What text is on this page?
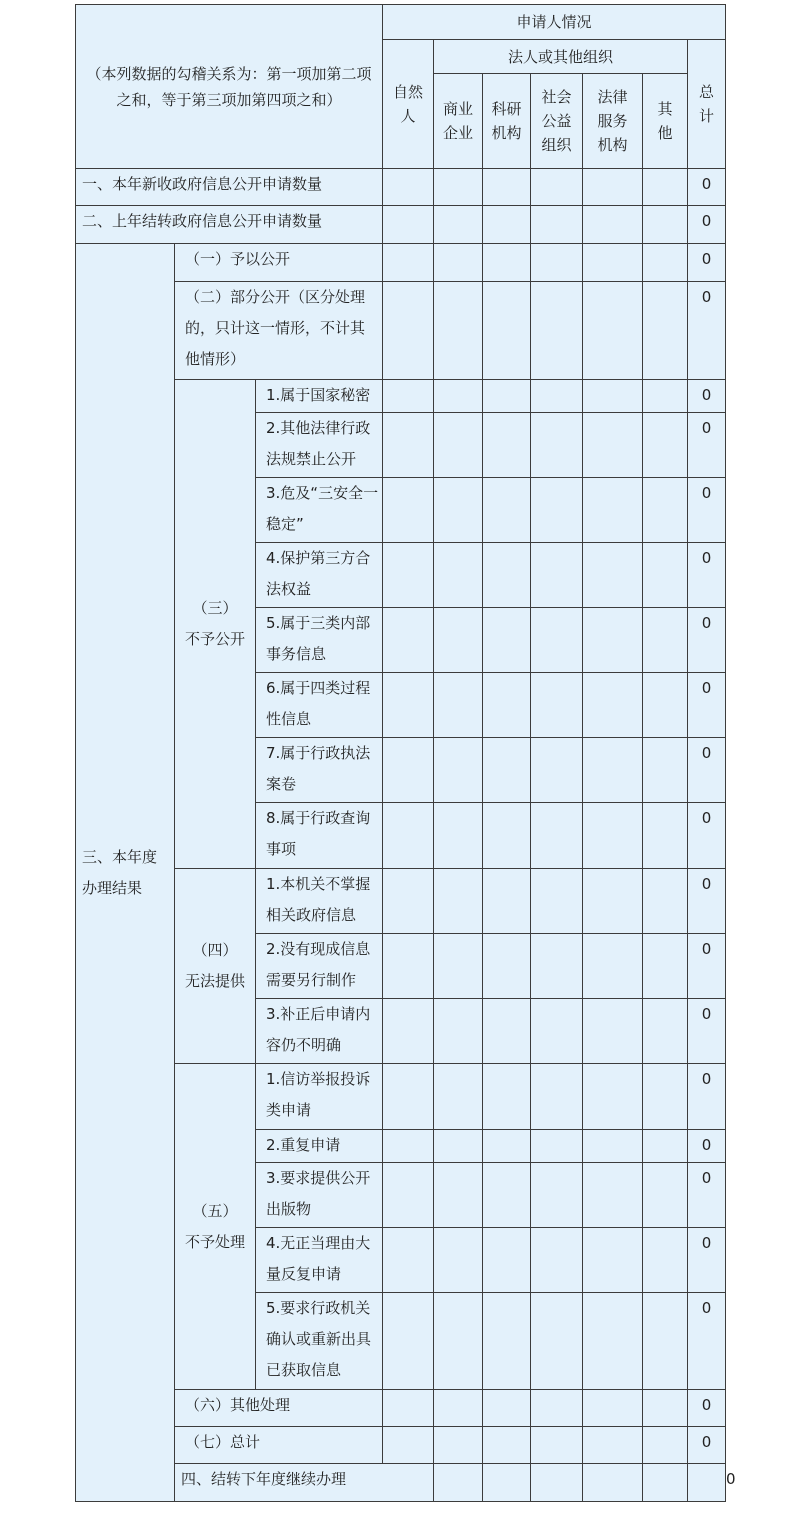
（本列数据的勾稽关系为：第一项加第二项之和，等于第三项加第四项之和）			申请人情况							

			自然人	法人或其他组织					总计	

				商业企业	科研机构	社会公益组织	法律服务机构	其他		

一、本年新收政府信息公开申请数量									0	
二、上年结转政府信息公开申请数量									0	

三、本年度办理结果	（一）予以公开								0	
	（二）部分公开（区分处理的，只计这一情形，不计其他情形）								0	

	（三）
不予公开	1.属于国家秘密							0	
		2.其他法律行政法规禁止公开							0	
		3.危及“三安全一稳定”							0	
		4.保护第三方合法权益							0	
		5.属于三类内部事务信息							0	
		6.属于四类过程性信息							0	
		7.属于行政执法案卷							0	
		8.属于行政查询事项							0	

	（四）
无法提供	1.本机关不掌握相关政府信息							0	
		2.没有现成信息需要另行制作							0	
		3.补正后申请内容仍不明确							0	

	（五）
不予处理	1.信访举报投诉类申请							0	
		2.重复申请							0	
		3.要求提供公开出版物							0	
		4.无正当理由大量反复申请							0	
		5.要求行政机关确认或重新出具已获取信息							0	
	（六）其他处理								0	
	（七）总计								0	
	四、结转下年度继续办理									0
